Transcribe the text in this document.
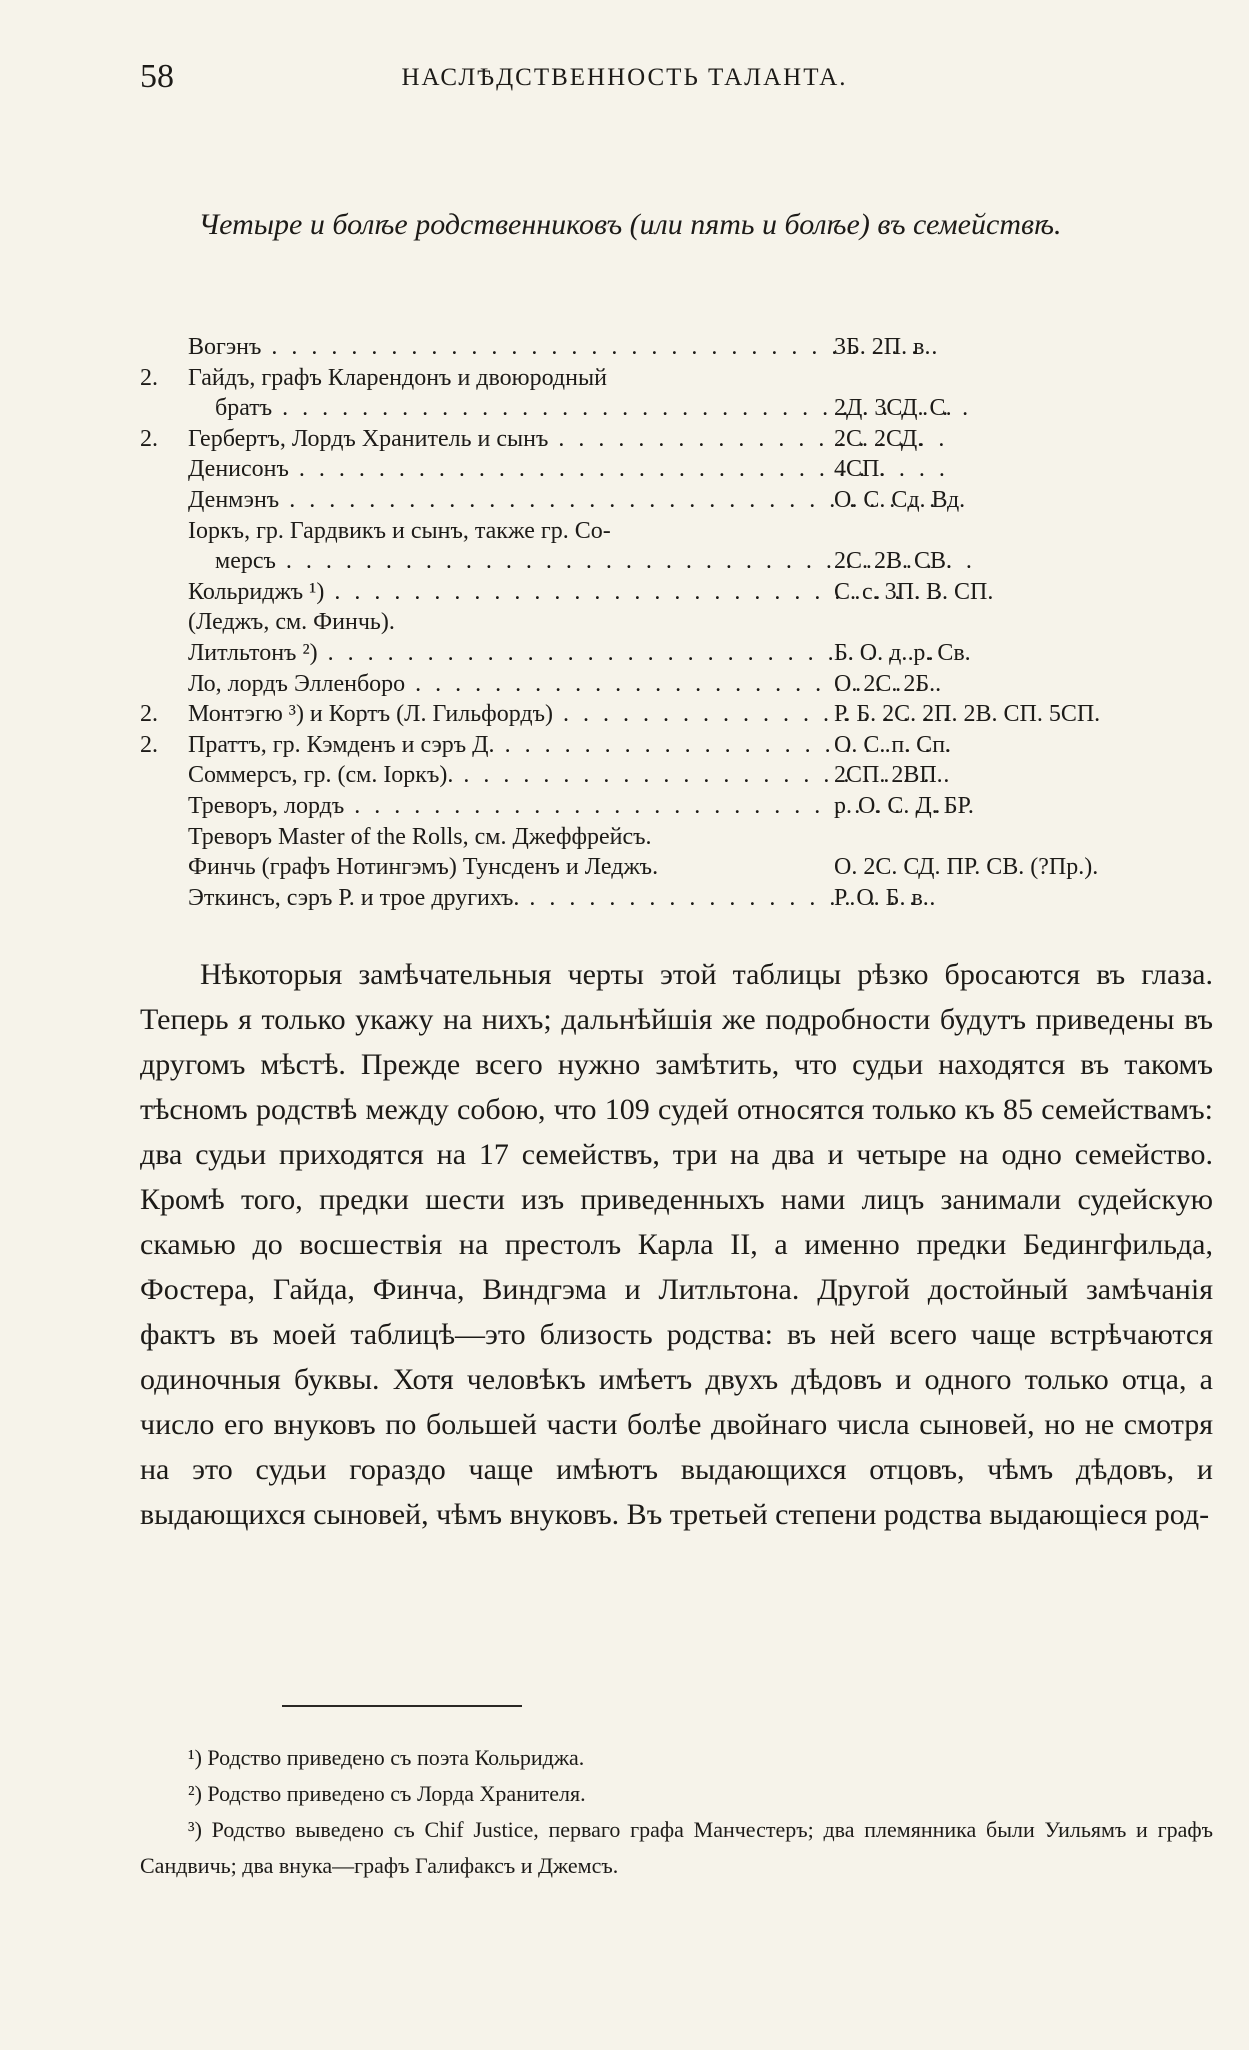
58	НАСЛѢДСТВЕННОСТЬ ТАЛАНТА.
Четыре и болѣе родственниковъ (или пять и болѣе) въ семействѣ.
Вогэнъ . . .	3Б. 2П. в.
2.	Гайдъ, графъ Кларендонъ и двоюродный
братъ . . .	2Д. 3СД. С.
2.	Гербертъ, Лордъ Хранитель и сынъ . . .	2С. 2СД.
Денисонъ . . .	4СП.
Денмэнъ . . .	О. С. Сд. Вд.
Іоркъ, гр. Гардвикъ и сынъ, также гр. Со-
мерсъ . . .	2С. 2В. СВ.
Кольриджъ ¹) . . .	С. с. 3П. В. СП.
(Леджъ, см. Финчь).
Литльтонъ ²) . . .	Б. О. д. р. Св.
Ло, лордъ Элленборо . . .	О. 2С. 2Б.
2.	Монтэгю ³) и Кортъ (Л. Гильфордъ) . . .	Р. Б. 2С. 2П. 2В. СП. 5СП.
2.	Праттъ, гр. Кэмденъ и сэръ Д. . . .	О. С. п. Сп.
Соммерсъ, гр. (см. Іоркъ). . . .	2СП. 2ВП.
Треворъ, лордъ . . .	р. О. С. Д. БР.
Треворъ Master of the Rolls, см. Джеффрейсъ.
Финчь (графъ Нотингэмъ) Тунсденъ и Леджъ.	О. 2С. СД. ПР. СВ. (?Пр.).
Эткинсъ, сэръ Р. и трое другихъ. . . .	Р. О. Б. в.

Нѣкоторыя замѣчательныя черты этой таблицы рѣзко бросаются въ глаза. Теперь я только укажу на нихъ; дальнѣйшія же подробности будутъ приведены въ другомъ мѣстѣ. Прежде всего нужно замѣтить, что судьи находятся въ такомъ тѣсномъ родствѣ между собою, что 109 судей относятся только къ 85 семействамъ: два судьи приходятся на 17 семействъ, три на два и четыре на одно семейство. Кромѣ того, предки шести изъ приведенныхъ нами лицъ занимали судейскую скамью до восшествія на престолъ Карла II, а именно предки Бедингфильда, Фостера, Гайда, Финча, Виндгэма и Литльтона. Другой достойный замѣчанія фактъ въ моей таблицѣ—это близость родства: въ ней всего чаще встрѣчаются одиночныя буквы. Хотя человѣкъ имѣетъ двухъ дѣдовъ и одного только отца, а число его внуковъ по большей части болѣе двойнаго числа сыновей, но не смотря на это судьи гораздо чаще имѣютъ выдающихся отцовъ, чѣмъ дѣдовъ, и выдающихся сыновей, чѣмъ внуковъ. Въ третьей степени родства выдающіеся род-

¹) Родство приведено съ поэта Кольриджа.

²) Родство приведено съ Лорда Хранителя.

³) Родство выведено съ Chif Justice, перваго графа Манчестеръ; два племянника были Уильямъ и графъ Сандвичь; два внука—графъ Галифаксъ и Джемсъ.
